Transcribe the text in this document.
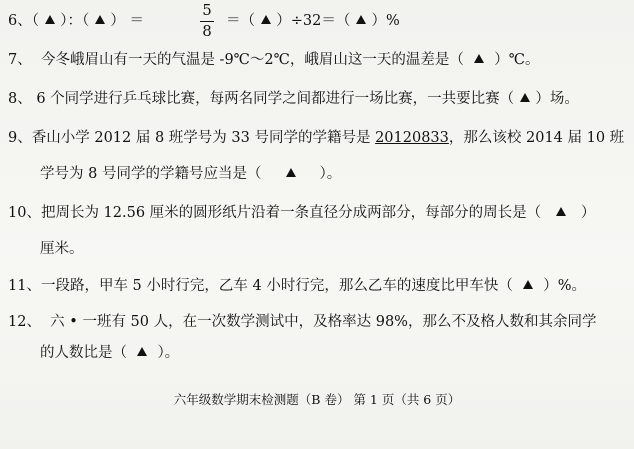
6、（ ）：（ ） ＝
5
8
＝（ ）÷32＝（ ）%
7、 今冬峨眉山有一天的气温是 -9℃～2℃，峨眉山这一天的温差是（ ）℃。
8、 6 个同学进行乒乓球比赛，每两名同学之间都进行一场比赛，一共要比赛（ ）场。
9、香山小学 2012 届 8 班学号为 33 号同学的学籍号是 20120833，那么该校 2014 届 10 班
学号为 8 号同学的学籍号应当是（	）。
10、把周长为 12.56 厘米的圆形纸片沿着一条直径分成两部分，每部分的周长是（	）
厘米。
11、一段路，甲车 5 小时行完，乙车 4 小时行完，那么乙车的速度比甲车快（ ）%。
12、 六 • 一班有 50 人，在一次数学测试中，及格率达 98%，那么不及格人数和其余同学
的人数比是（ ）。
六年级数学期末检测题（B 卷） 第 1 页（共 6 页）
